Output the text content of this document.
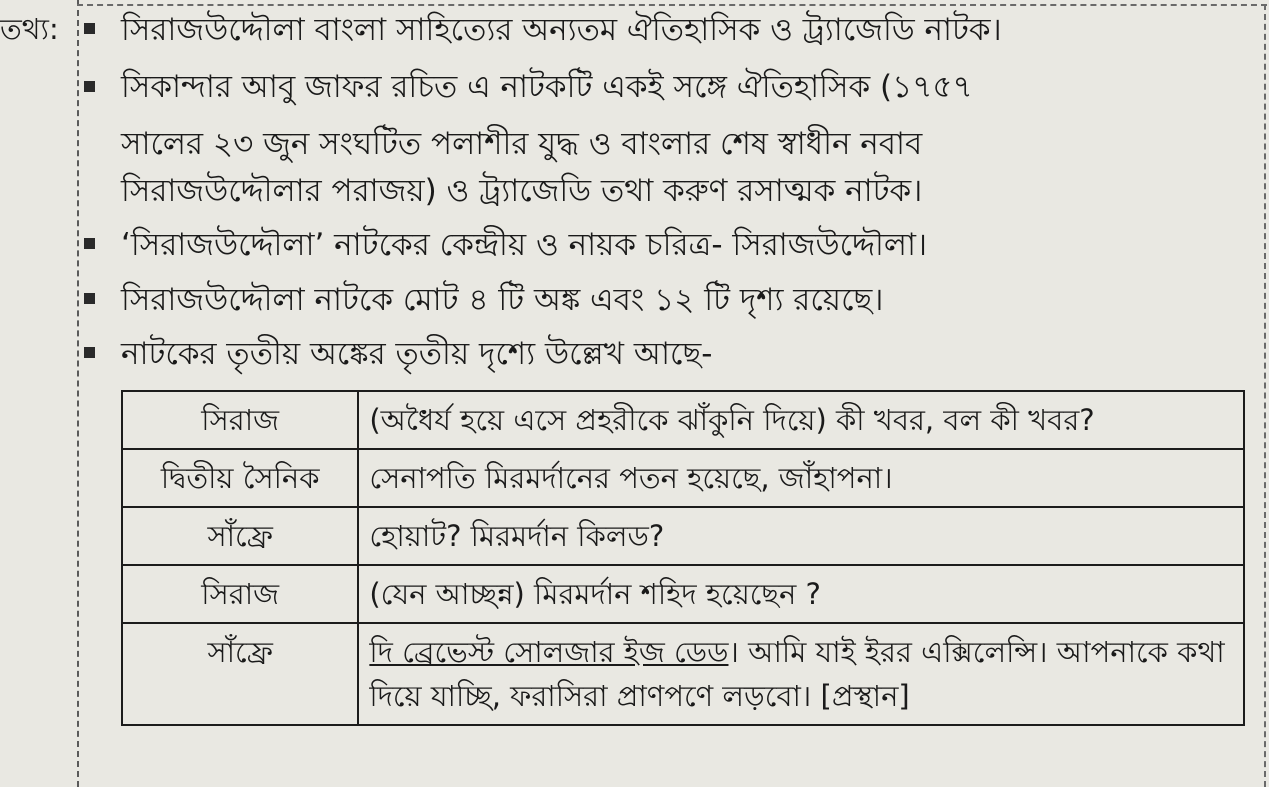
তথ্য: সিরাজউদ্দৌলা বাংলা সাহিত্যের অন্যতম ঐতিহাসিক ও ট্র্যাজেডি নাটক।
সিকান্দার আবু জাফর রচিত এ নাটকটি একই সঙ্গে ঐতিহাসিক (১৭৫৭
সালের ২৩ জুন সংঘটিত পলাশীর যুদ্ধ ও বাংলার শেষ স্বাধীন নবাব
সিরাজউদ্দৌলার পরাজয়) ও ট্র্যাজেডি তথা করুণ রসাত্মক নাটক।
‘সিরাজউদ্দৌলা’ নাটকের কেন্দ্রীয় ও নায়ক চরিত্র- সিরাজউদ্দৌলা।
সিরাজউদ্দৌলা নাটকে মোট ৪ টি অঙ্ক এবং ১২ টি দৃশ্য রয়েছে।
নাটকের তৃতীয় অঙ্কের তৃতীয় দৃশ্যে উল্লেখ আছে-
সিরাজ	(অধৈর্য হয়ে এসে প্রহরীকে ঝাঁকুনি দিয়ে) কী খবর, বল কী খবর?
দ্বিতীয় সৈনিক	সেনাপতি মিরমর্দানের পতন হয়েছে, জাঁহাপনা।
সাঁফ্রে	হোয়াট? মিরমর্দান কিলড?
সিরাজ	(যেন আচ্ছন্ন) মিরমর্দান শহিদ হয়েছেন ?
সাঁফ্রে	দি ব্রেভেস্ট সোলজার ইজ ডেড। আমি যাই ইরর এক্সিলেন্সি। আপনাকে কথা দিয়ে যাচ্ছি, ফরাসিরা প্রাণপণে লড়বো। [প্রস্থান]
